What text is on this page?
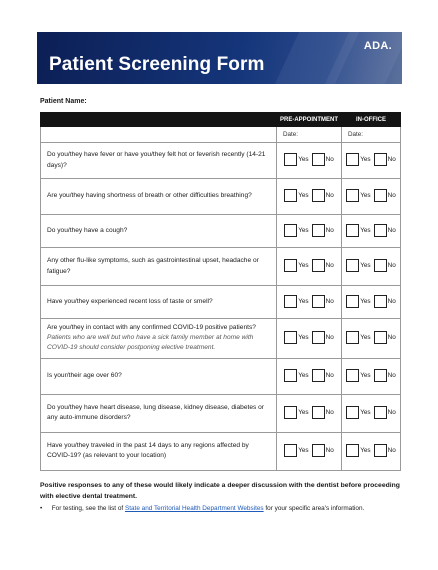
Patient Screening Form
ADA.
Patient Name:
	PRE-APPOINTMENT	IN-OFFICE
	Date:	Date:
Do you/they have fever or have you/they felt hot or feverish recently (14-21 days)?	Yes No	Yes No

Are you/they having shortness of breath or other difficulties breathing?	Yes No	Yes No

Do you/they have a cough?	Yes No	Yes No

Any other flu-like symptoms, such as gastrointestinal upset, headache or fatigue?	Yes No	Yes No

Have you/they experienced recent loss of taste or smell?	Yes No	Yes No

Are you/they in contact with any confirmed COVID-19 positive patients?
Patients who are well but who have a sick family member at home with COVID-19 should consider postponing elective treatment.	Yes No	Yes No

Is your/their age over 60?	Yes No	Yes No

Do you/they have heart disease, lung disease, kidney disease, diabetes or any auto-immune disorders?	Yes No	Yes No

Have you/they traveled in the past 14 days to any regions affected by COVID-19? (as relevant to your location)	Yes No	Yes No
Positive responses to any of these would likely indicate a deeper discussion with the dentist before proceeding with elective dental treatment.
• For testing, see the list of State and Territorial Health Department Websites for your specific area's information.
